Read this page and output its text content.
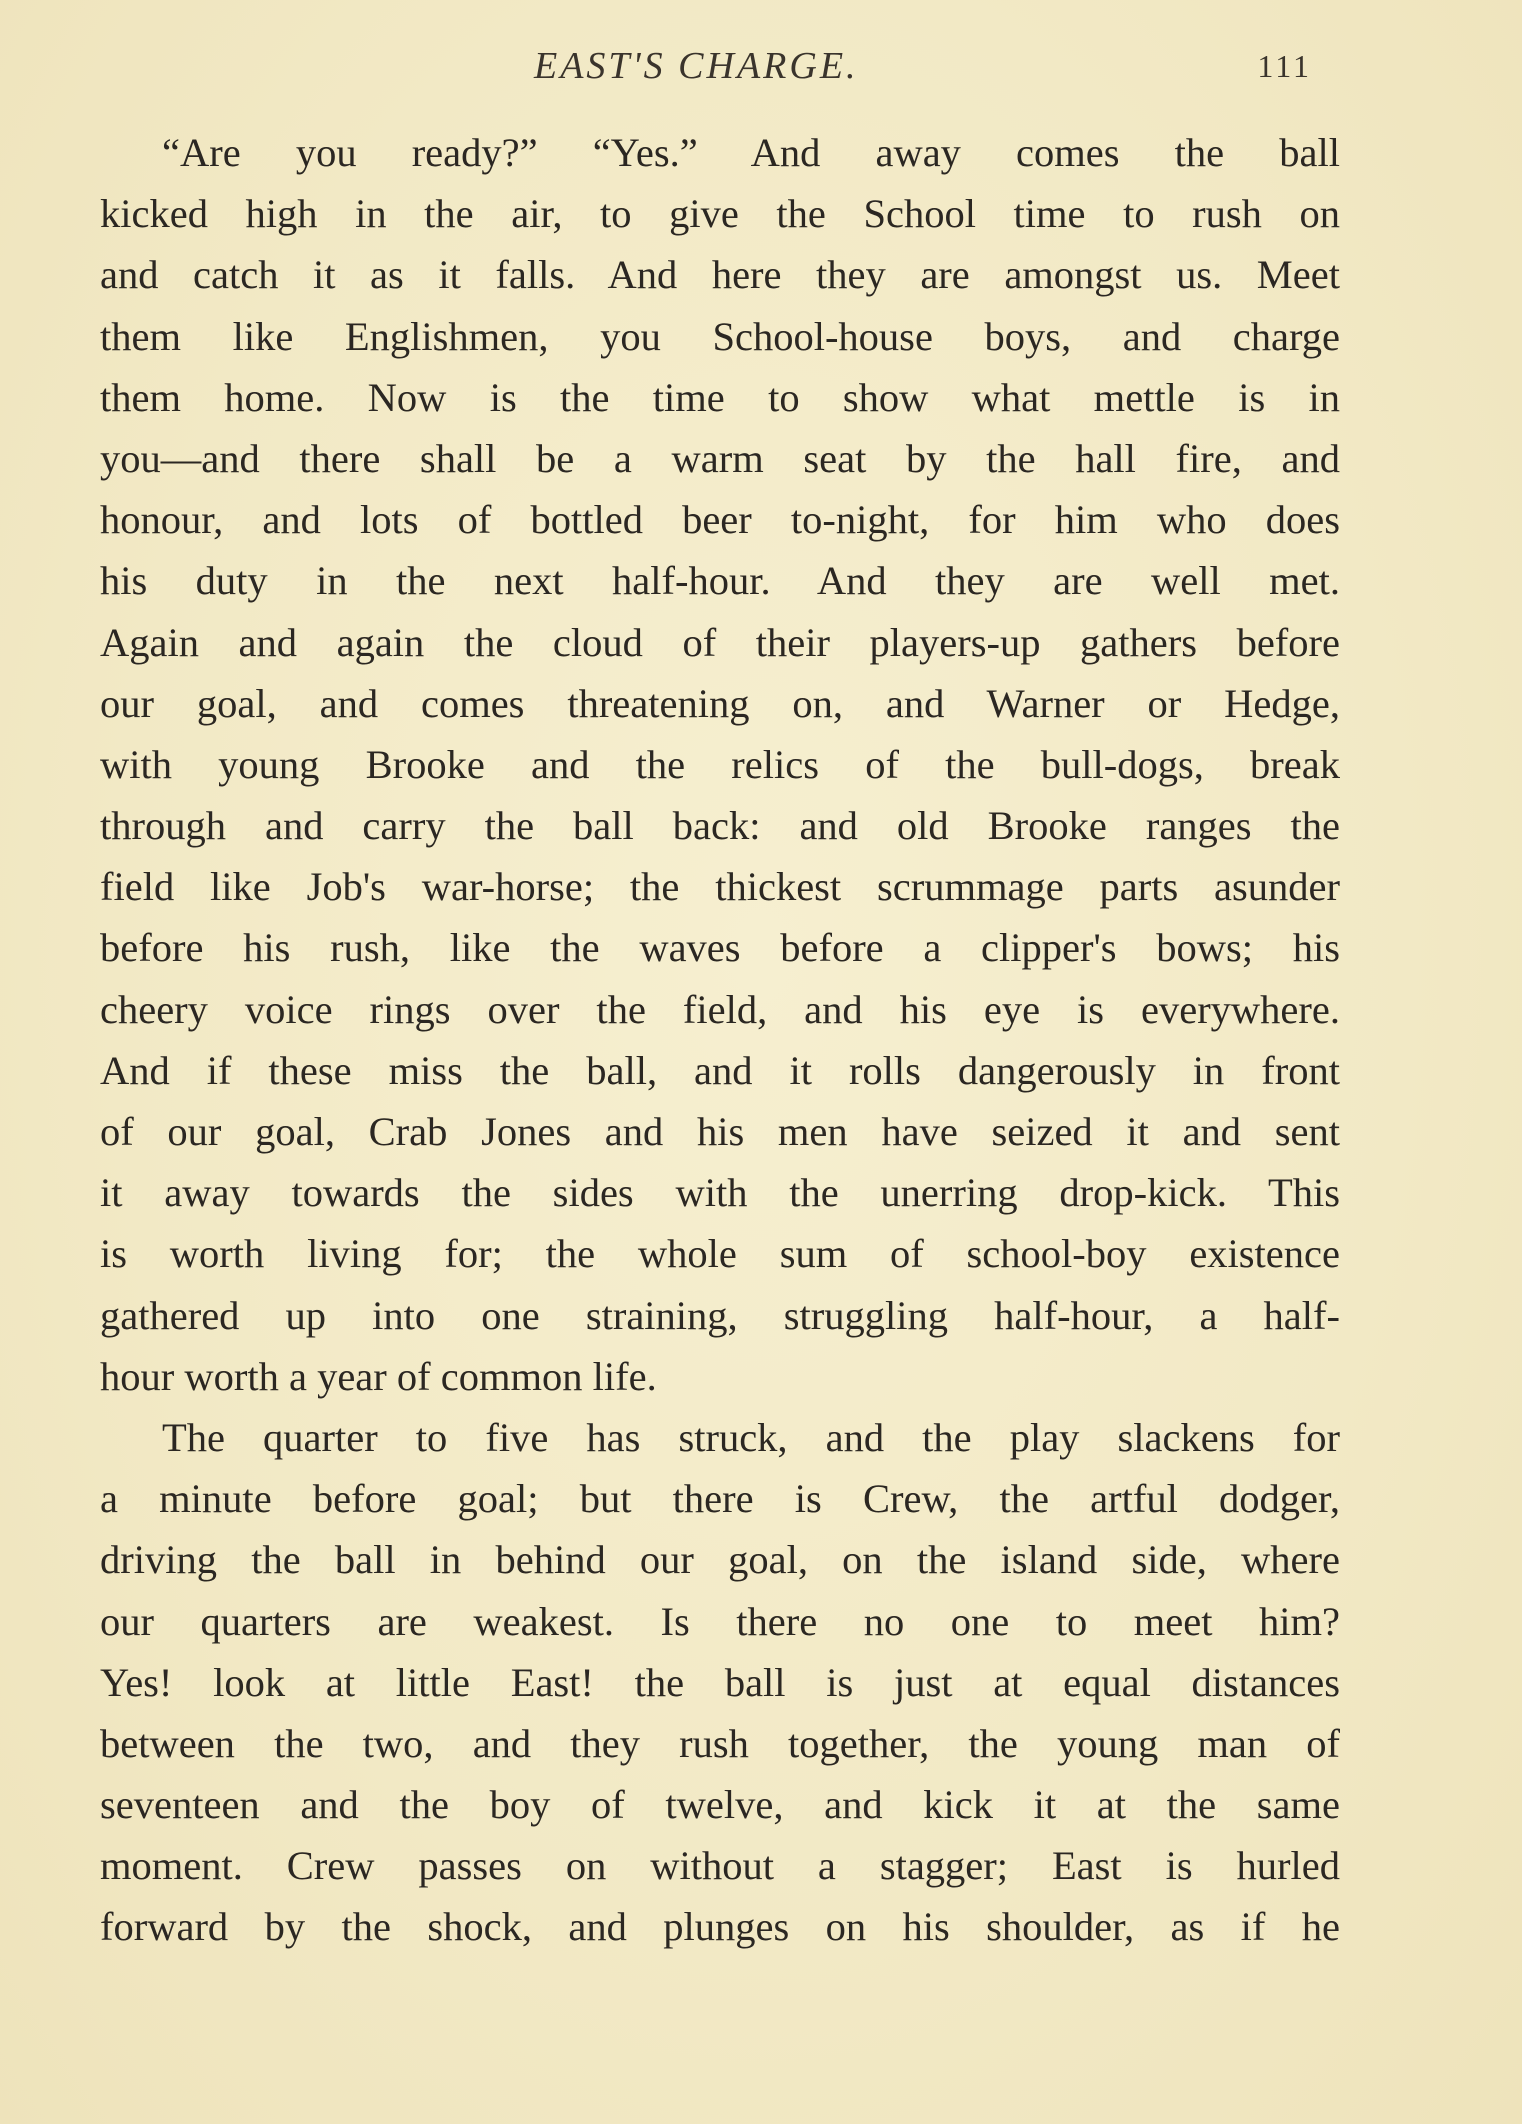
EAST'S CHARGE.	111

“Are you ready?” “Yes.” And away comes the ball
kicked high in the air, to give the School time to rush on
and catch it as it falls. And here they are amongst us. Meet
them like Englishmen, you School-house boys, and charge
them home. Now is the time to show what mettle is in
you—and there shall be a warm seat by the hall fire, and
honour, and lots of bottled beer to-night, for him who does
his duty in the next half-hour. And they are well met.
Again and again the cloud of their players-up gathers before
our goal, and comes threatening on, and Warner or Hedge,
with young Brooke and the relics of the bull-dogs, break
through and carry the ball back: and old Brooke ranges the
field like Job's war-horse; the thickest scrummage parts asunder
before his rush, like the waves before a clipper's bows; his
cheery voice rings over the field, and his eye is everywhere.
And if these miss the ball, and it rolls dangerously in front
of our goal, Crab Jones and his men have seized it and sent
it away towards the sides with the unerring drop-kick. This
is worth living for; the whole sum of school-boy existence
gathered up into one straining, struggling half-hour, a half-
hour worth a year of common life.

The quarter to five has struck, and the play slackens for
a minute before goal; but there is Crew, the artful dodger,
driving the ball in behind our goal, on the island side, where
our quarters are weakest. Is there no one to meet him?
Yes! look at little East! the ball is just at equal distances
between the two, and they rush together, the young man of
seventeen and the boy of twelve, and kick it at the same
moment. Crew passes on without a stagger; East is hurled
forward by the shock, and plunges on his shoulder, as if he
